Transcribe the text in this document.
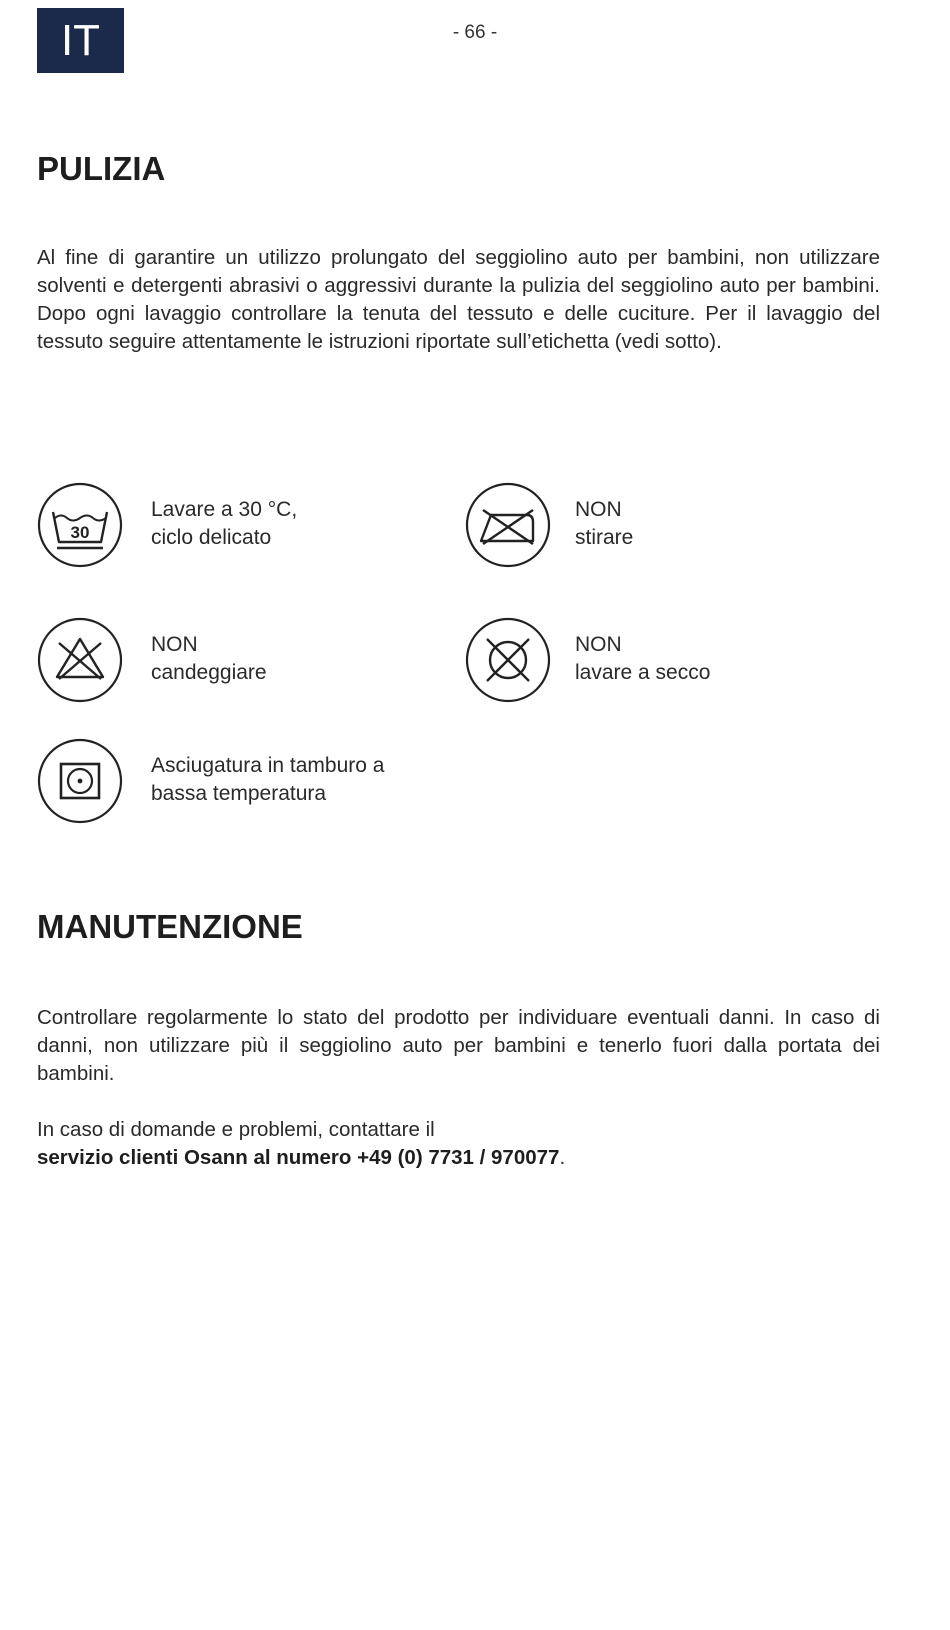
IT	- 66 -
PULIZIA

Al fine di garantire un utilizzo prolungato del seggiolino auto per bambini, non utilizzare solventi e detergenti abrasivi o aggressivi durante la pulizia del seggiolino auto per bambini. Dopo ogni lavaggio controllare la tenuta del tessuto e delle cuciture. Per il lavaggio del tessuto seguire attentamente le istruzioni riportate sull’etichetta (vedi sotto).

30
Lavare a 30 °C,
ciclo delicato
NON
stirare
NON
candeggiare
NON
lavare a secco
Asciugatura in tamburo a
bassa temperatura
MANUTENZIONE

Controllare regolarmente lo stato del prodotto per individuare eventuali danni. In caso di danni, non utilizzare più il seggiolino auto per bambini e tenerlo fuori dalla portata dei bambini.

In caso di domande e problemi, contattare il
servizio clienti Osann al numero +49 (0) 7731 / 970077.
